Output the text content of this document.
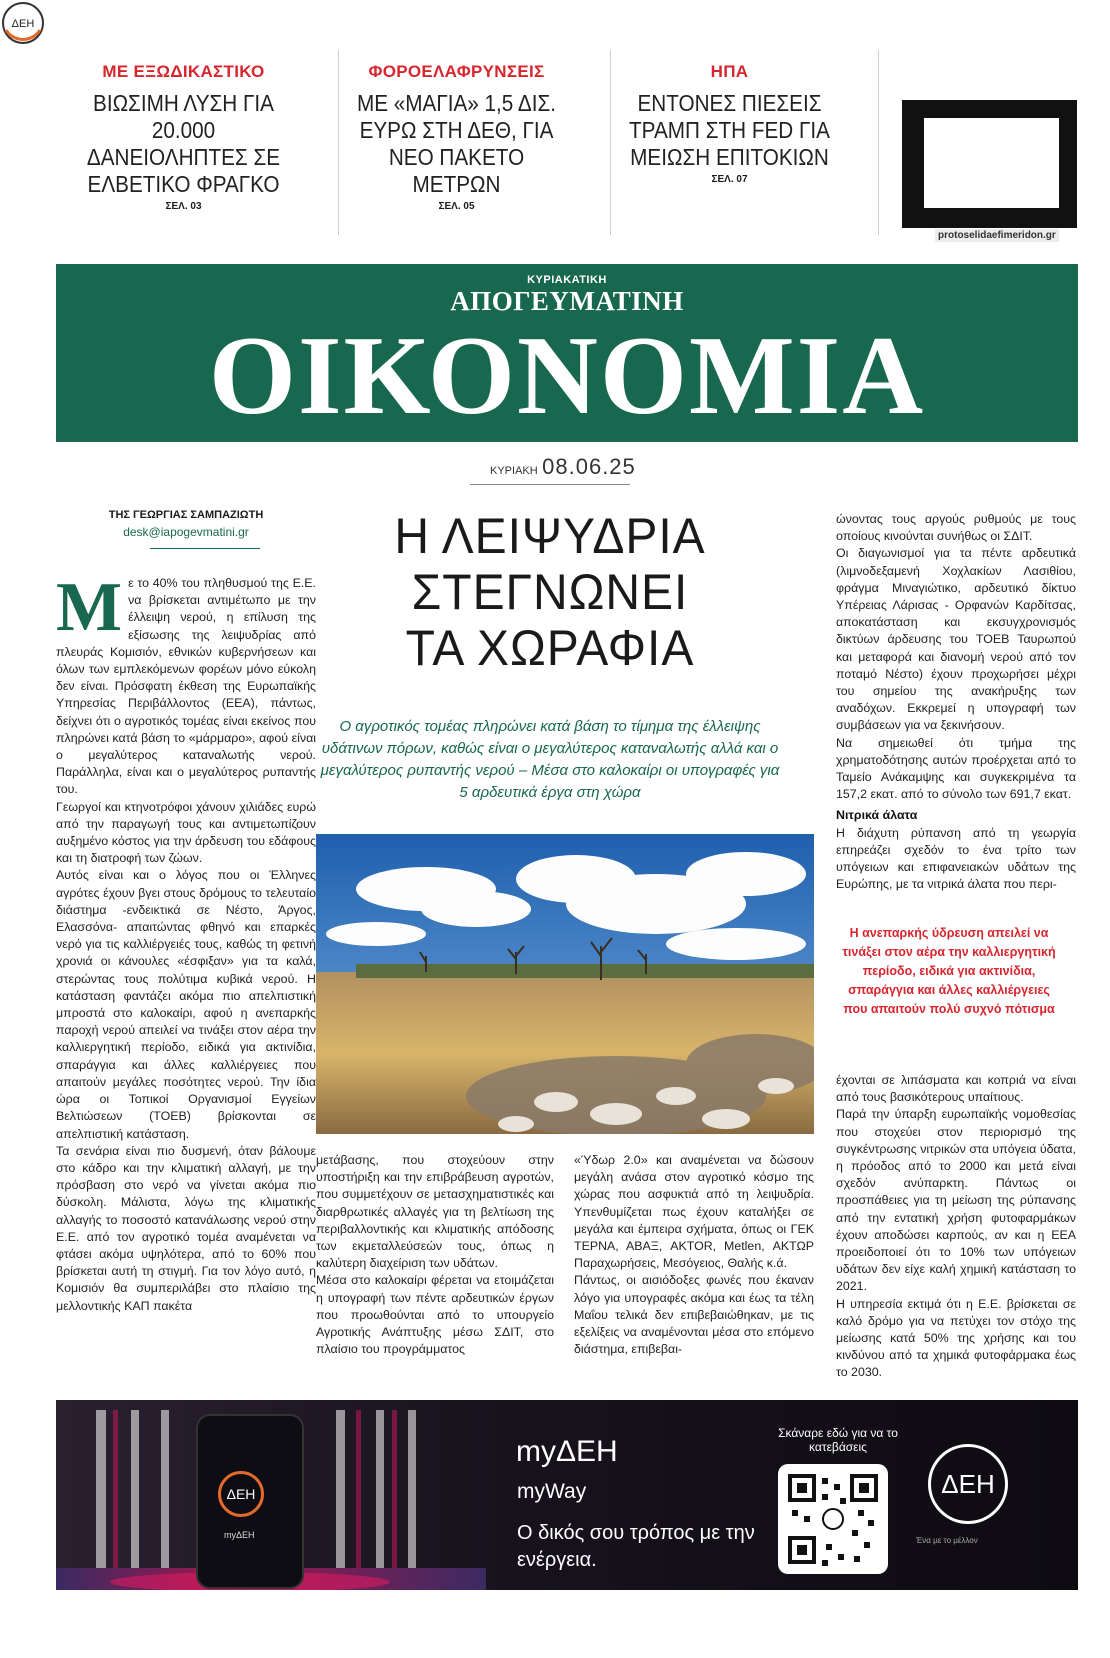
ΜΕ ΕΞΩΔΙΚΑΣΤΙΚΟ
ΒΙΩΣΙΜΗ ΛΥΣΗ ΓΙΑ 20.000 ΔΑΝΕΙΟΛΗΠΤΕΣ ΣΕ ΕΛΒΕΤΙΚΟ ΦΡΑΓΚΟ
ΣΕΛ. 03
ΦΟΡΟΕΛΑΦΡΥΝΣΕΙΣ
ΜΕ «ΜΑΓΙΑ» 1,5 ΔΙΣ. ΕΥΡΩ ΣΤΗ ΔΕΘ, ΓΙΑ ΝΕΟ ΠΑΚΕΤΟ ΜΕΤΡΩΝ
ΣΕΛ. 05
ΗΠΑ
ΕΝΤΟΝΕΣ ΠΙΕΣΕΙΣ ΤΡΑΜΠ ΣΤΗ FED ΓΙΑ ΜΕΙΩΣΗ ΕΠΙΤΟΚΙΩΝ
ΣΕΛ. 07
ΔΕΗ
protoselidaefimeridon.gr
ΚΥΡΙΑΚΑΤΙΚΗ
ΑΠΟΓΕΥΜΑΤΙΝΗ
ΟΙΚΟΝΟΜΙΑ
ΚΥΡΙΑΚΗ 08.06.25
ΤΗΣ ΓΕΩΡΓΙΑΣ ΣΑΜΠΑΖΙΩΤΗ
desk@iapogevmatini.gr
Μ ε το 40% του πληθυσμού της Ε.Ε. να βρίσκεται αντιμέτωπο με την έλλειψη νερού, η επίλυση της εξίσωσης της λειψυδρίας από πλευράς Κομισιόν, εθνικών κυβερνήσεων και όλων των εμπλεκόμενων φορέων μόνο εύκολη δεν είναι. Πρόσφατη έκθεση της Ευρωπαϊκής Υπηρεσίας Περιβάλλοντος (ΕΕΑ), πάντως, δείχνει ότι ο αγροτικός τομέας είναι εκείνος που πληρώνει κατά βάση το «μάρμαρο», αφού είναι ο μεγαλύτερος καταναλωτής νερού. Παράλληλα, είναι και ο μεγαλύτερος ρυπαντής του.

Γεωργοί και κτηνοτρόφοι χάνουν χιλιάδες ευρώ από την παραγωγή τους και αντιμετωπίζουν αυξημένο κόστος για την άρδευση του εδάφους και τη διατροφή των ζώων.

Αυτός είναι και ο λόγος που οι Έλληνες αγρότες έχουν βγει στους δρόμους το τελευταίο διάστημα -ενδεικτικά σε Νέστο, Άργος, Ελασσόνα- απαιτώντας φθηνό και επαρκές νερό για τις καλλιέργειές τους, καθώς τη φετινή χρονιά οι κάνουλες «έσφιξαν» για τα καλά, στερώντας τους πολύτιμα κυβικά νερού. Η κατάσταση φαντάζει ακόμα πιο απελπιστική μπροστά στο καλοκαίρι, αφού η ανεπαρκής παροχή νερού απειλεί να τινάξει στον αέρα την καλλιεργητική περίοδο, ειδικά για ακτινίδια, σπαράγγια και άλλες καλλιέργειες που απαιτούν μεγάλες ποσότητες νερού. Την ίδια ώρα οι Τοπικοί Οργανισμοί Εγγείων Βελτιώσεων (ΤΟΕΒ) βρίσκονται σε απελπιστική κατάσταση.

Τα σενάρια είναι πιο δυσμενή, όταν βάλουμε στο κάδρο και την κλιματική αλλαγή, με την πρόσβαση στο νερό να γίνεται ακόμα πιο δύσκολη. Μάλιστα, λόγω της κλιματικής αλλαγής το ποσοστό κατανάλωσης νερού στην Ε.Ε. από τον αγροτικό τομέα αναμένεται να φτάσει ακόμα υψηλότερα, από το 60% που βρίσκεται αυτή τη στιγμή. Για τον λόγο αυτό, η Κομισιόν θα συμπεριλάβει στο πλαίσιο της μελλοντικής ΚΑΠ πακέτα

Η ΛΕΙΨΥΔΡΙΑ
ΣΤΕΓΝΩΝΕΙ
ΤΑ ΧΩΡΑΦΙΑ
Ο αγροτικός τομέας πληρώνει κατά βάση το τίμημα της έλλειψης υδάτινων πόρων, καθώς είναι ο μεγαλύτερος καταναλωτής αλλά και ο μεγαλύτερος ρυπαντής νερού – Μέσα στο καλοκαίρι οι υπογραφές για 5 αρδευτικά έργα στη χώρα

μετάβασης, που στοχεύουν στην υποστήριξη και την επιβράβευση αγροτών, που συμμετέχουν σε μετασχηματιστικές και διαρθρωτικές αλλαγές για τη βελτίωση της περιβαλλοντικής και κλιματικής απόδοσης των εκμεταλλεύσεών τους, όπως η καλύτερη διαχείριση των υδάτων.

Μέσα στο καλοκαίρι φέρεται να ετοιμάζεται η υπογραφή των πέντε αρδευτικών έργων που προωθούνται από το υπουργείο Αγροτικής Ανάπτυξης μέσω ΣΔΙΤ, στο πλαίσιο του προγράμματος

«Ύδωρ 2.0» και αναμένεται να δώσουν μεγάλη ανάσα στον αγροτικό κόσμο της χώρας που ασφυκτιά από τη λειψυδρία. Υπενθυμίζεται πως έχουν καταλήξει σε μεγάλα και έμπειρα σχήματα, όπως οι ΓΕΚ ΤΕΡΝΑ, ΑΒΑΞ, AKTOR, Metlen, ΑΚΤΩΡ Παραχωρήσεις, Μεσόγειος, Θαλής κ.ά.

Πάντως, οι αισιόδοξες φωνές που έκαναν λόγο για υπογραφές ακόμα και έως τα τέλη Μαΐου τελικά δεν επιβεβαιώθηκαν, με τις εξελίξεις να αναμένονται μέσα στο επόμενο διάστημα, επιβεβαι-

ώνοντας τους αργούς ρυθμούς με τους οποίους κινούνται συνήθως οι ΣΔΙΤ.

Οι διαγωνισμοί για τα πέντε αρδευτικά (λιμνοδεξαμενή Χοχλακίων Λασιθίου, φράγμα Μιναγιώτικο, αρδευτικό δίκτυο Υπέρειας Λάρισας - Ορφανών Καρδίτσας, αποκατάσταση και εκσυγχρονισμός δικτύων άρδευσης του ΤΟΕΒ Ταυρωπού και μεταφορά και διανομή νερού από τον ποταμό Νέστο) έχουν προχωρήσει μέχρι του σημείου της ανακήρυξης των αναδόχων. Εκκρεμεί η υπογραφή των συμβάσεων για να ξεκινήσουν.

Να σημειωθεί ότι τμήμα της χρηματοδότησης αυτών προέρχεται από το Ταμείο Ανάκαμψης και συγκεκριμένα τα 157,2 εκατ. από το σύνολο των 691,7 εκατ.

Νιτρικά άλατα

Η διάχυτη ρύπανση από τη γεωργία επηρεάζει σχεδόν το ένα τρίτο των υπόγειων και επιφανειακών υδάτων της Ευρώπης, με τα νιτρικά άλατα που περι-

Η ανεπαρκής ύδρευση απειλεί να τινάξει στον αέρα την καλλιεργητική περίοδο, ειδικά για ακτινίδια, σπαράγγια και άλλες καλλιέργειες που απαιτούν πολύ συχνό πότισμα

έχονται σε λιπάσματα και κοπριά να είναι από τους βασικότερους υπαίτιους.

Παρά την ύπαρξη ευρωπαϊκής νομοθεσίας που στοχεύει στον περιορισμό της συγκέντρωσης νιτρικών στα υπόγεια ύδατα, η πρόοδος από το 2000 και μετά είναι σχεδόν ανύπαρκτη. Πάντως οι προσπάθειες για τη μείωση της ρύπανσης από την εντατική χρήση φυτοφαρμάκων έχουν αποδώσει καρπούς, αν και η ΕΕΑ προειδοποιεί ότι το 10% των υπόγειων υδάτων δεν είχε καλή χημική κατάσταση το 2021.

Η υπηρεσία εκτιμά ότι η Ε.Ε. βρίσκεται σε καλό δρόμο για να πετύχει τον στόχο της μείωσης κατά 50% της χρήσης και του κινδύνου από τα χημικά φυτοφάρμακα έως το 2030.

ΔΕΗ
myΔΕΗ
myΔΕΗ
myWay
Ο δικός σου τρόπος με την ενέργεια.
Σκάναρε εδώ για να το κατεβάσεις
ΔΕΗ
Ένα με το μέλλον
